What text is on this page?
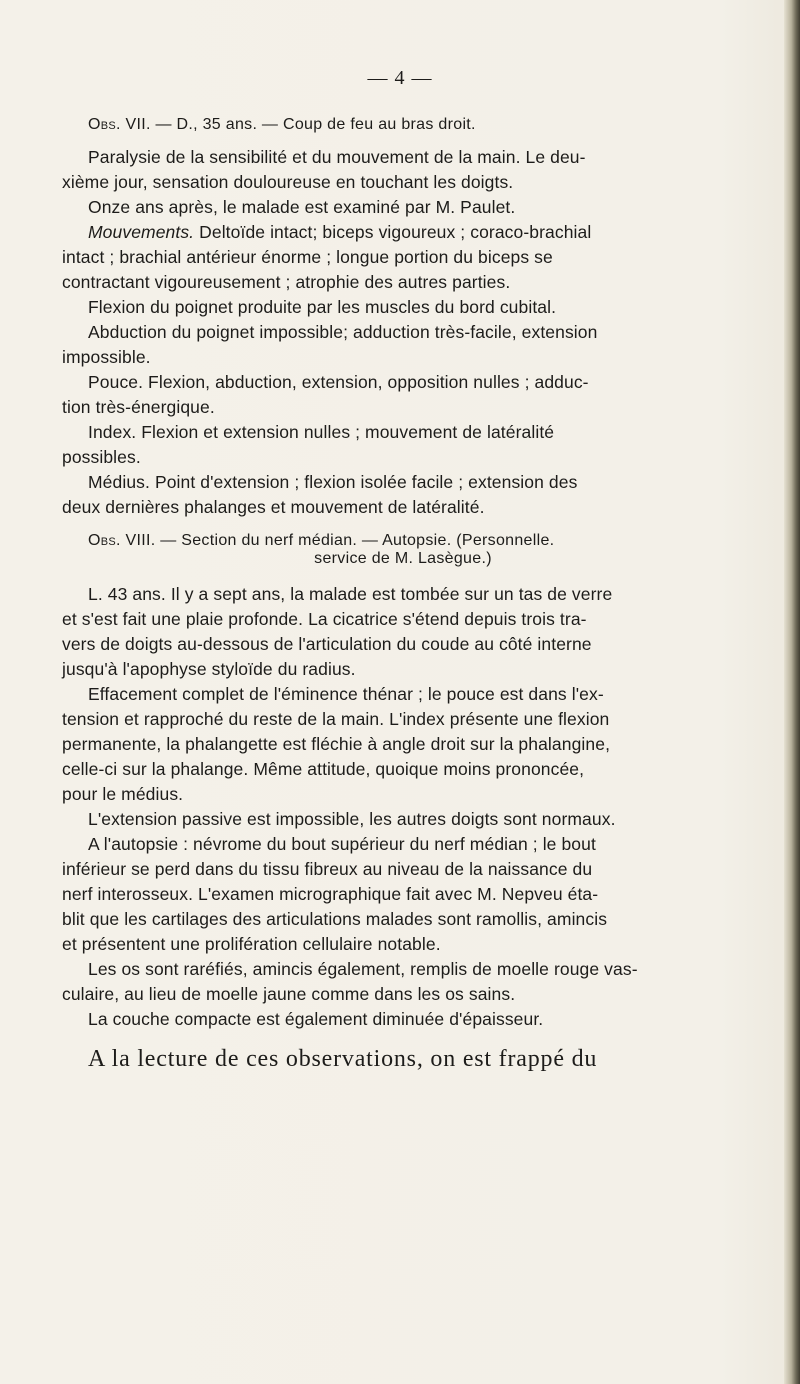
— 4 —
Obs. VII. — D., 35 ans. — Coup de feu au bras droit.
Paralysie de la sensibilité et du mouvement de la main. Le deu-
xième jour, sensation douloureuse en touchant les doigts.
Onze ans après, le malade est examiné par M. Paulet.
Mouvements. Deltoïde intact; biceps vigoureux ; coraco-brachial
intact ; brachial antérieur énorme ; longue portion du biceps se
contractant vigoureusement ; atrophie des autres parties.
Flexion du poignet produite par les muscles du bord cubital.
Abduction du poignet impossible; adduction très-facile, extension
impossible.
Pouce. Flexion, abduction, extension, opposition nulles ; adduc-
tion très-énergique.
Index. Flexion et extension nulles ; mouvement de latéralité
possibles.
Médius. Point d'extension ; flexion isolée facile ; extension des
deux dernières phalanges et mouvement de latéralité.
Obs. VIII. — Section du nerf médian. — Autopsie. (Personnelle.
service de M. Lasègue.)
L. 43 ans. Il y a sept ans, la malade est tombée sur un tas de verre
et s'est fait une plaie profonde. La cicatrice s'étend depuis trois tra-
vers de doigts au-dessous de l'articulation du coude au côté interne
jusqu'à l'apophyse styloïde du radius.
Effacement complet de l'éminence thénar ; le pouce est dans l'ex-
tension et rapproché du reste de la main. L'index présente une flexion
permanente, la phalangette est fléchie à angle droit sur la phalangine,
celle-ci sur la phalange. Même attitude, quoique moins prononcée,
pour le médius.
L'extension passive est impossible, les autres doigts sont normaux.
A l'autopsie : névrome du bout supérieur du nerf médian ; le bout
inférieur se perd dans du tissu fibreux au niveau de la naissance du
nerf interosseux. L'examen micrographique fait avec M. Nepveu éta-
blit que les cartilages des articulations malades sont ramollis, amincis
et présentent une prolifération cellulaire notable.
Les os sont raréfiés, amincis également, remplis de moelle rouge vas-
culaire, au lieu de moelle jaune comme dans les os sains.
La couche compacte est également diminuée d'épaisseur.
A la lecture de ces observations, on est frappé du
